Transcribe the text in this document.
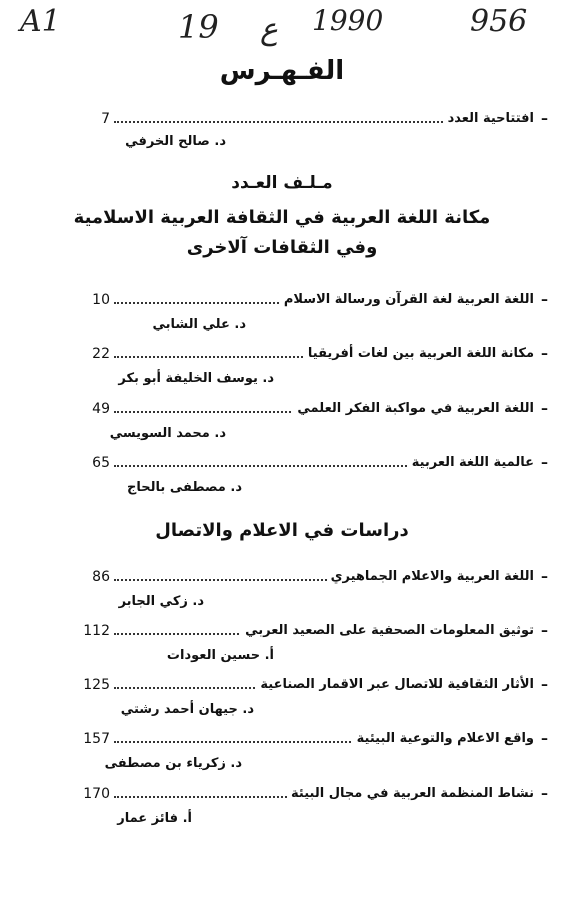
A1	19 ع 1990	956
الفـهـرس
7	افتتاحية العدد –
د. صالح الخرفي
مـلـف العـدد
مكانة اللغة العربية في الثقافة العربية الاسلامية
وفي الثقافات آلاخرى
10	اللغة العربية لغة القرآن ورسالة الاسلام –
د. علي الشابي
22	مكانة اللغة العربية بين لغات أفريقيا –
د. يوسف الخليفة أبو بكر
49	اللغة العربية في مواكبة الفكر العلمي –
د. محمد السويسي
65	عالمية اللغة العربية –
د. مصطفى بالحاج
دراسات في الاعلام والاتصال
86	اللغة العربية والاعلام الجماهيري –
د. زكي الجابر
112	توثيق المعلومات الصحفية على الصعيد العربي –
أ. حسين العودات
125	الأثار الثقافية للاتصال عبر الاقمار الصناعية –
د. جيهان أحمد رشتي
157	واقع الاعلام والتوعية البيئية –
د. زكرياء بن مصطفى
170	نشاط المنظمة العربية في مجال البيئة –
أ. فائز عمار
